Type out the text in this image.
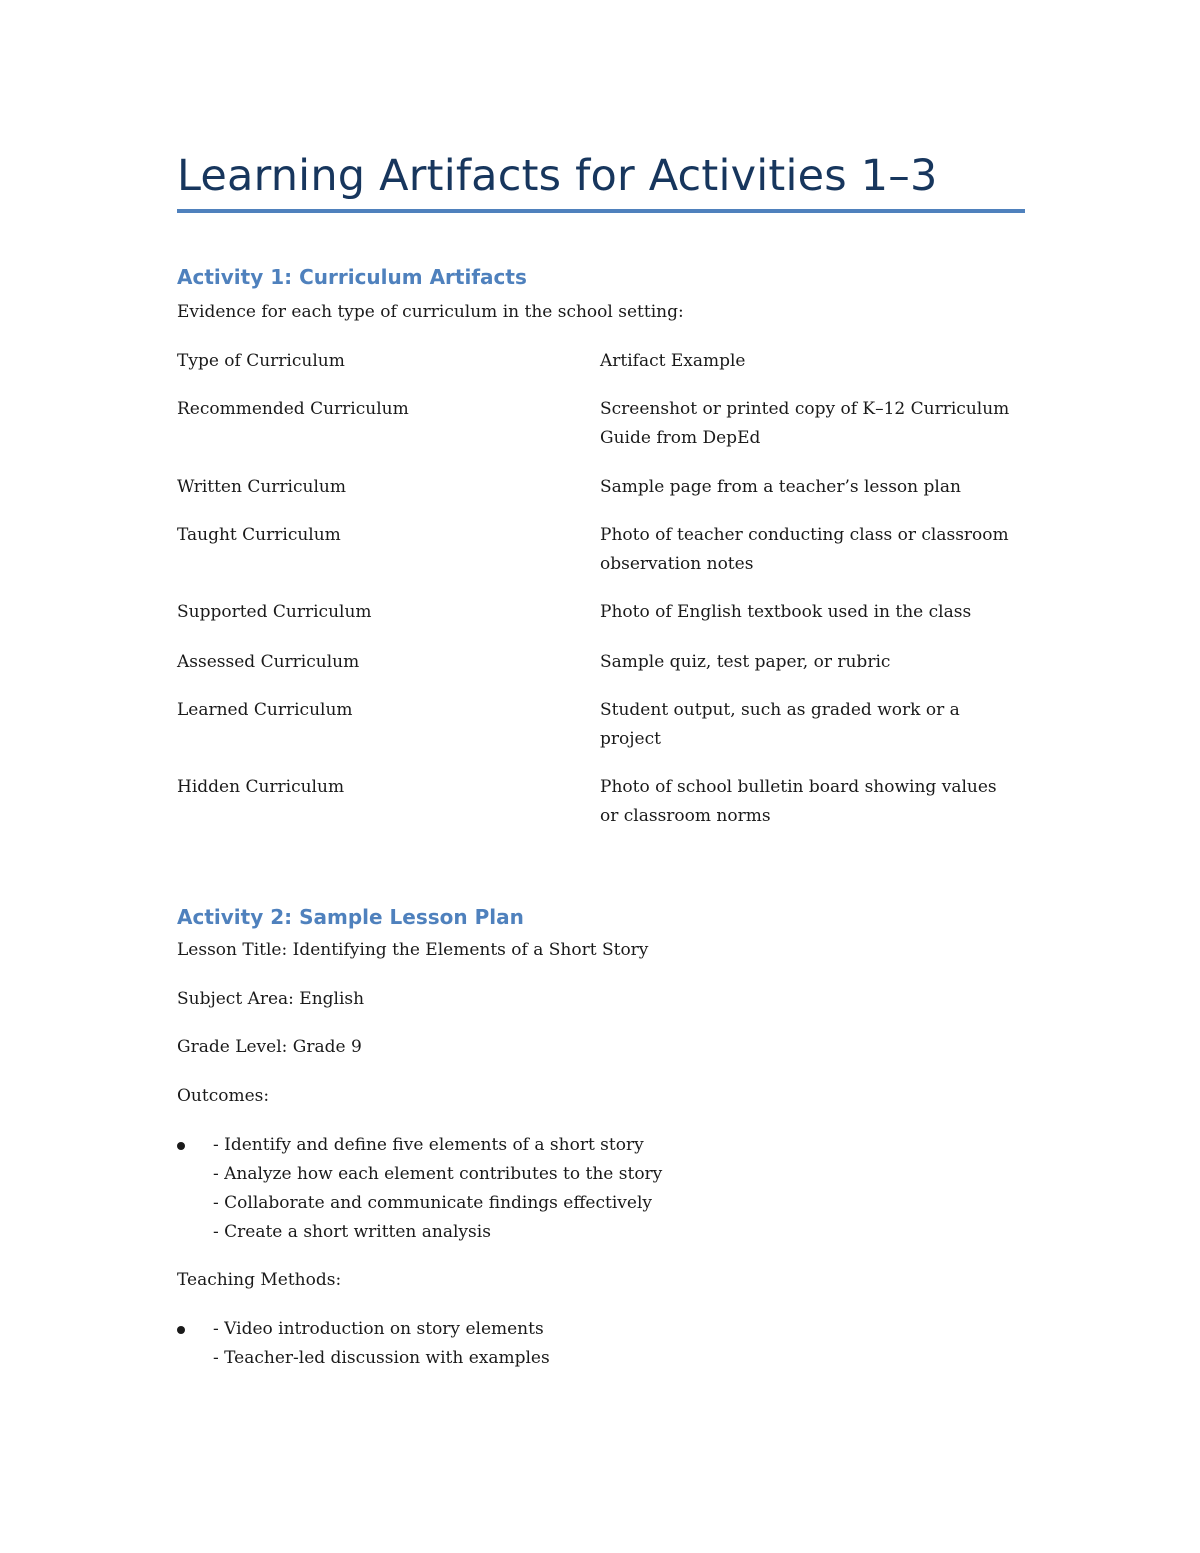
Learning Artifacts for Activities 1–3
Activity 1: Curriculum Artifacts

Evidence for each type of curriculum in the school setting:

Type of Curriculum	Artifact Example
Recommended Curriculum	Screenshot or printed copy of K–12 Curriculum Guide from DepEd
Written Curriculum	Sample page from a teacher’s lesson plan
Taught Curriculum	Photo of teacher conducting class or classroom observation notes
Supported Curriculum	Photo of English textbook used in the class
Assessed Curriculum	Sample quiz, test paper, or rubric
Learned Curriculum	Student output, such as graded work or a project
Hidden Curriculum	Photo of school bulletin board showing values or classroom norms
Activity 2: Sample Lesson Plan

Lesson Title: Identifying the Elements of a Short Story

Subject Area: English

Grade Level: Grade 9

Outcomes:

- Identify and define five elements of a short story
- Analyze how each element contributes to the story
- Collaborate and communicate findings effectively
- Create a short written analysis

Teaching Methods:

- Video introduction on story elements
- Teacher-led discussion with examples
